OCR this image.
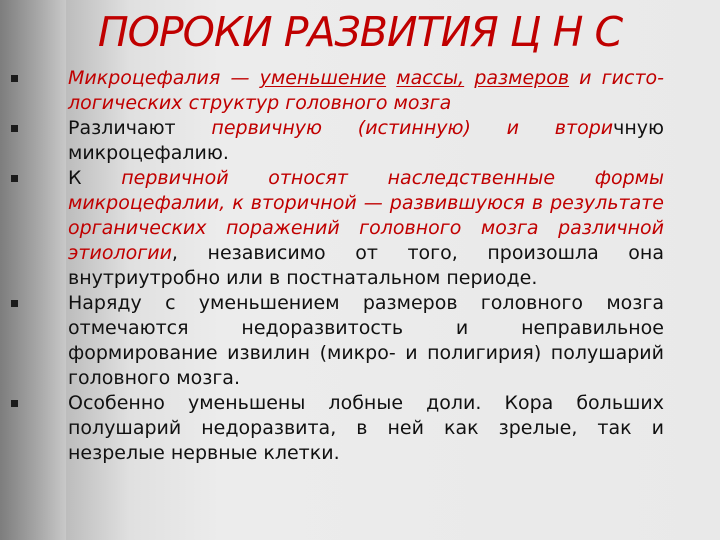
ПОРОКИ РАЗВИТИЯ Ц Н С
Микроцефалия — уменьшение массы, размеров и гисто-логических структур головного мозга
Различают первичную (истинную) и вторичную микроцефалию.
К первичной относят наследственные формы микроцефалии, к вторичной — развившуюся в результате органических поражений головного мозга различной этиологии, независимо от того, произошла она внутриутробно или в постнатальном периоде.
Наряду с уменьшением размеров головного мозга отмечаются недоразвитость и неправильное формирование извилин (микро- и полигирия) полушарий головного мозга.
Особенно уменьшены лобные доли. Кора больших полушарий недоразвита, в ней как зрелые, так и незрелые нервные клетки.
